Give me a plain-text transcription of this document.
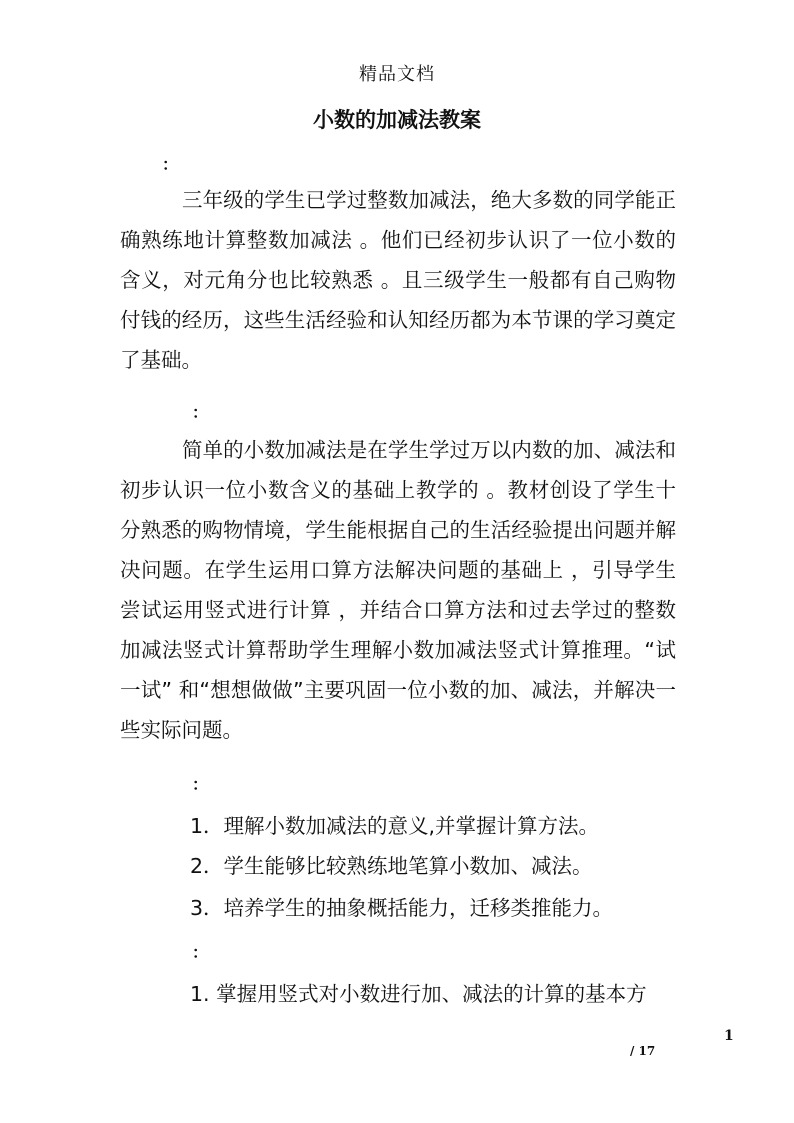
精品文档
小数的加减法教案
：

三年级的学生已学过整数加减法，绝大多数的同学能正确熟练地计算整数加减法 。他们已经初步认识了一位小数的含义，对元角分也比较熟悉 。且三级学生一般都有自己购物付钱的经历，这些生活经验和认知经历都为本节课的学习奠定了基础。

：

简单的小数加减法是在学生学过万以内数的加、减法和初步认识一位小数含义的基础上教学的 。教材创设了学生十分熟悉的购物情境，学生能根据自己的生活经验提出问题并解决问题。在学生运用口算方法解决问题的基础上 ，引导学生尝试运用竖式进行计算 ，并结合口算方法和过去学过的整数加减法竖式计算帮助学生理解小数加减法竖式计算推理。“试一试” 和“想想做做”主要巩固一位小数的加、减法，并解决一些实际问题。

：
1．理解小数加减法的意义,并掌握计算方法。
2．学生能够比较熟练地笔算小数加、减法。
3．培养学生的抽象概括能力，迁移类推能力。
：
1. 掌握用竖式对小数进行加、减法的计算的基本方
1
/ 17
